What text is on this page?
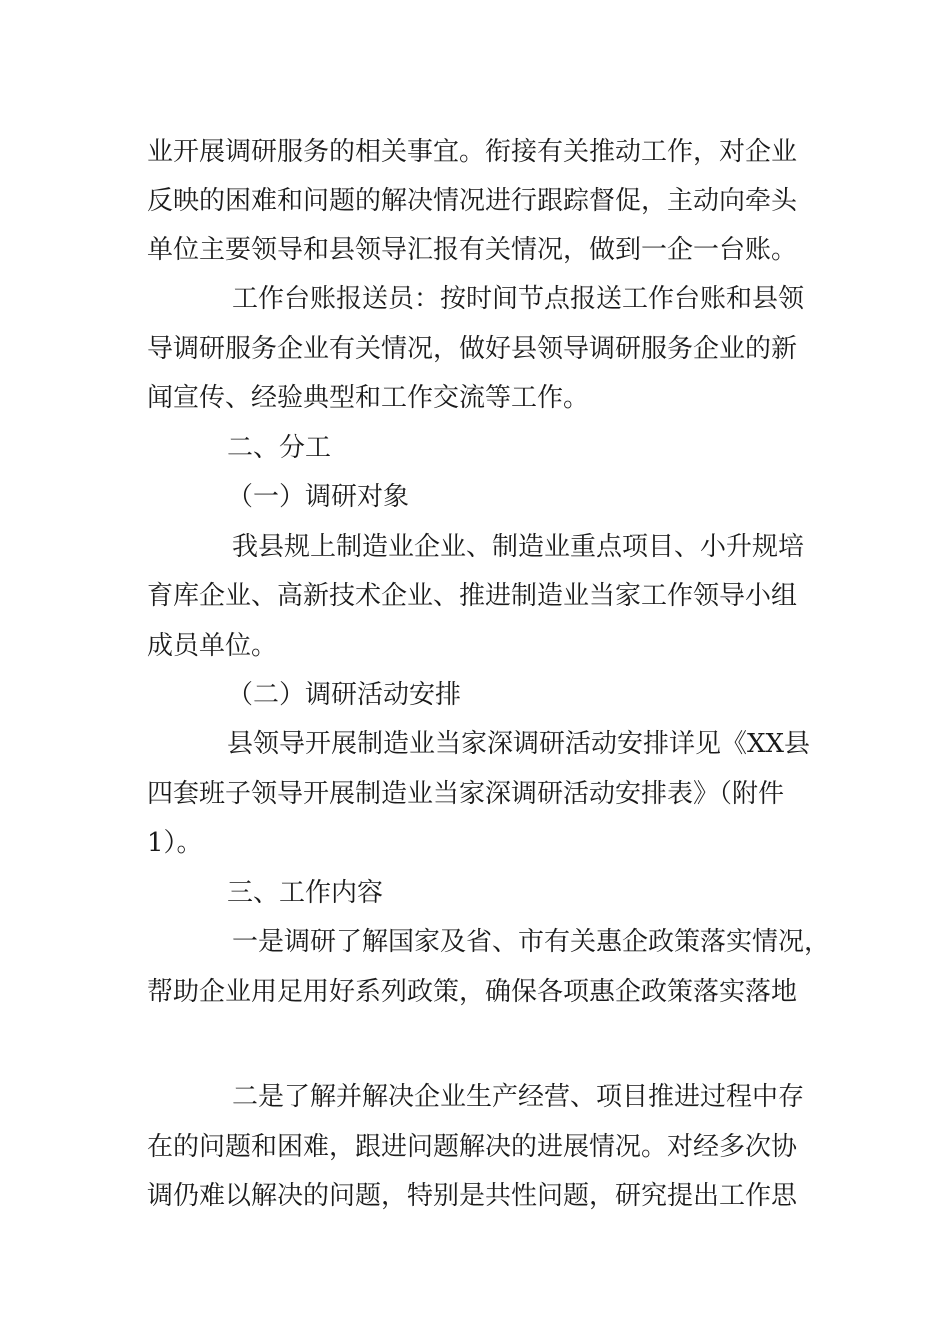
业开展调研服务的相关事宜。衔接有关推动工作，对企业
反映的困难和问题的解决情况进行跟踪督促，主动向牵头
单位主要领导和县领导汇报有关情况，做到一企一台账。
工作台账报送员：按时间节点报送工作台账和县领
导调研服务企业有关情况，做好县领导调研服务企业的新
闻宣传、经验典型和工作交流等工作。
二、分工
（一）调研对象
我县规上制造业企业、制造业重点项目、小升规培
育库企业、高新技术企业、推进制造业当家工作领导小组
成员单位。
（二）调研活动安排
县领导开展制造业当家深调研活动安排详见《XX县
四套班子领导开展制造业当家深调研活动安排表》（附件
1）。
三、工作内容
一是调研了解国家及省、市有关惠企政策落实情况，
帮助企业用足用好系列政策，确保各项惠企政策落实落地
二是了解并解决企业生产经营、项目推进过程中存
在的问题和困难，跟进问题解决的进展情况。对经多次协
调仍难以解决的问题，特别是共性问题，研究提出工作思
